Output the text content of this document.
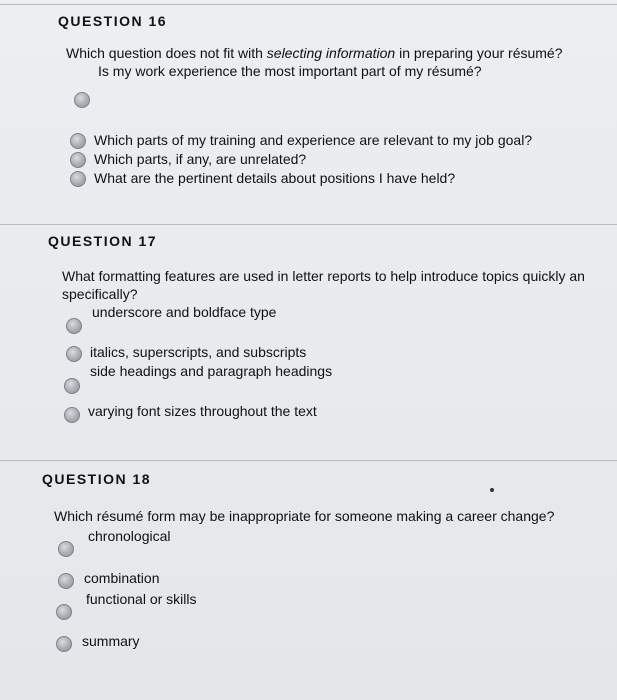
QUESTION 16
Which question does not fit with selecting information in preparing your résumé?
Is my work experience the most important part of my résumé?
Which parts of my training and experience are relevant to my job goal?
Which parts, if any, are unrelated?
What are the pertinent details about positions I have held?
QUESTION 17
What formatting features are used in letter reports to help introduce topics quickly an
specifically?
underscore and boldface type
italics, superscripts, and subscripts
side headings and paragraph headings
varying font sizes throughout the text
QUESTION 18
Which résumé form may be inappropriate for someone making a career change?
chronological
combination
functional or skills
summary
